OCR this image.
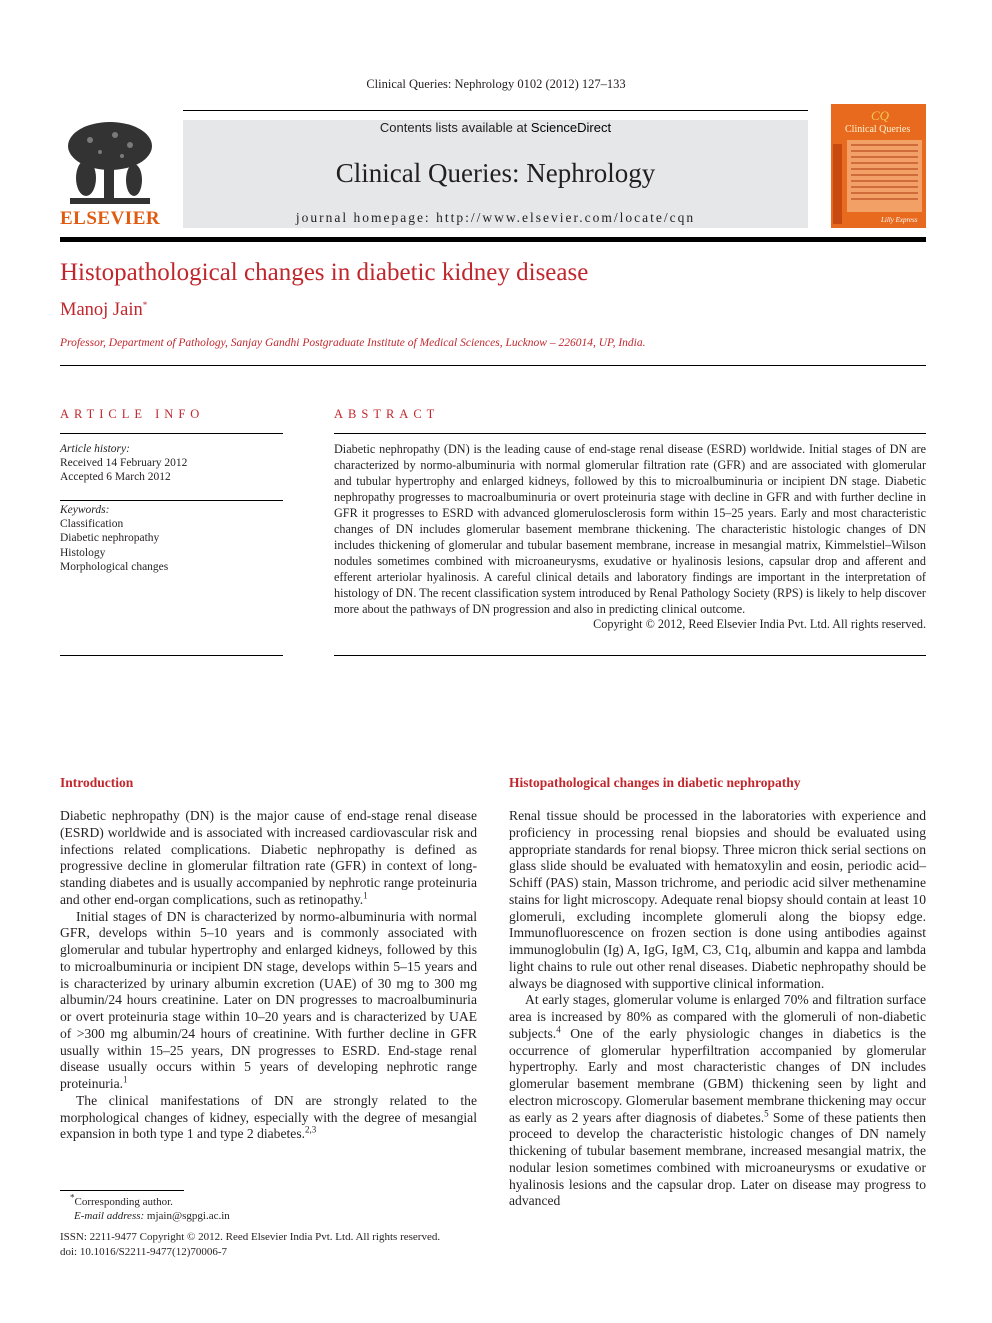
Clinical Queries: Nephrology 0102 (2012) 127–133
ELSEVIER
Contents lists available at ScienceDirect
Clinical Queries: Nephrology
journal homepage: http://www.elsevier.com/locate/cqn
CQ
Clinical Queries
Lilly Express
Histopathological changes in diabetic kidney disease
Manoj Jain*
Professor, Department of Pathology, Sanjay Gandhi Postgraduate Institute of Medical Sciences, Lucknow – 226014, UP, India.
ARTICLE INFO
Article history:
Received 14 February 2012
Accepted 6 March 2012
Keywords:
Classification
Diabetic nephropathy
Histology
Morphological changes
ABSTRACT

Diabetic nephropathy (DN) is the leading cause of end-stage renal disease (ESRD) worldwide. Initial stages of DN are characterized by normo-albuminuria with normal glomerular filtration rate (GFR) and are associated with glomerular and tubular hypertrophy and enlarged kidneys, followed by this to microalbuminuria or incipient DN stage. Diabetic nephropathy progresses to macroalbuminuria or overt proteinuria stage with decline in GFR and with further decline in GFR it progresses to ESRD with advanced glomerulosclerosis form within 15–25 years. Early and most characteristic changes of DN includes glomerular basement membrane thickening. The characteristic histologic changes of DN includes thickening of glomerular and tubular basement membrane, increase in mesangial matrix, Kimmelstiel–Wilson nodules sometimes combined with microaneurysms, exudative or hyalinosis lesions, capsular drop and afferent and efferent arteriolar hyalinosis. A careful clinical details and laboratory findings are important in the interpretation of histology of DN. The recent classification system introduced by Renal Pathology Society (RPS) is likely to help discover more about the pathways of DN progression and also in predicting clinical outcome.

Copyright © 2012, Reed Elsevier India Pvt. Ltd. All rights reserved.

Introduction

Diabetic nephropathy (DN) is the major cause of end-stage renal disease (ESRD) worldwide and is associated with increased cardiovascular risk and infections related complications. Diabetic nephropathy is defined as progressive decline in glomerular filtration rate (GFR) in context of long-standing diabetes and is usually accompanied by nephrotic range proteinuria and other end-organ complications, such as retinopathy.$^1$

Initial stages of DN is characterized by normo-albuminuria with normal GFR, develops within 5–10 years and is commonly associated with glomerular and tubular hypertrophy and enlarged kidneys, followed by this to microalbuminuria or incipient DN stage, develops within 5–15 years and is characterized by urinary albumin excretion (UAE) of 30 mg to 300 mg albumin/24 hours creatinine. Later on DN progresses to macroalbuminuria or overt proteinuria stage within 10–20 years and is characterized by UAE of >300 mg albumin/24 hours of creatinine. With further decline in GFR usually within 15–25 years, DN progresses to ESRD. End-stage renal disease usually occurs within 5 years of developing nephrotic range proteinuria.$^1$

The clinical manifestations of DN are strongly related to the morphological changes of kidney, especially with the degree of mesangial expansion in both type 1 and type 2 diabetes.$^{2,3}$

Histopathological changes in diabetic nephropathy

Renal tissue should be processed in the laboratories with experience and proficiency in processing renal biopsies and should be evaluated using appropriate standards for renal biopsy. Three micron thick serial sections on glass slide should be evaluated with hematoxylin and eosin, periodic acid–Schiff (PAS) stain, Masson trichrome, and periodic acid silver methenamine stains for light microscopy. Adequate renal biopsy should contain at least 10 glomeruli, excluding incomplete glomeruli along the biopsy edge. Immunofluorescence on frozen section is done using antibodies against immunoglobulin (Ig) A, IgG, IgM, C3, C1q, albumin and kappa and lambda light chains to rule out other renal diseases. Diabetic nephropathy should be always be diagnosed with supportive clinical information.

At early stages, glomerular volume is enlarged 70% and filtration surface area is increased by 80% as compared with the glomeruli of non-diabetic subjects.$^4$ One of the early physiologic changes in diabetics is the occurrence of glomerular hyperfiltration accompanied by glomerular hypertrophy. Early and most characteristic changes of DN includes glomerular basement membrane (GBM) thickening seen by light and electron microscopy. Glomerular basement membrane thickening may occur as early as 2 years after diagnosis of diabetes.$^5$ Some of these patients then proceed to develop the characteristic histologic changes of DN namely thickening of tubular basement membrane, increased mesangial matrix, the nodular lesion sometimes combined with microaneurysms or exudative or hyalinosis lesions and the capsular drop. Later on disease may progress to advanced

*Corresponding author.
E-mail address: mjain@sgpgi.ac.in
ISSN: 2211-9477 Copyright © 2012. Reed Elsevier India Pvt. Ltd. All rights reserved.
doi: 10.1016/S2211-9477(12)70006-7
